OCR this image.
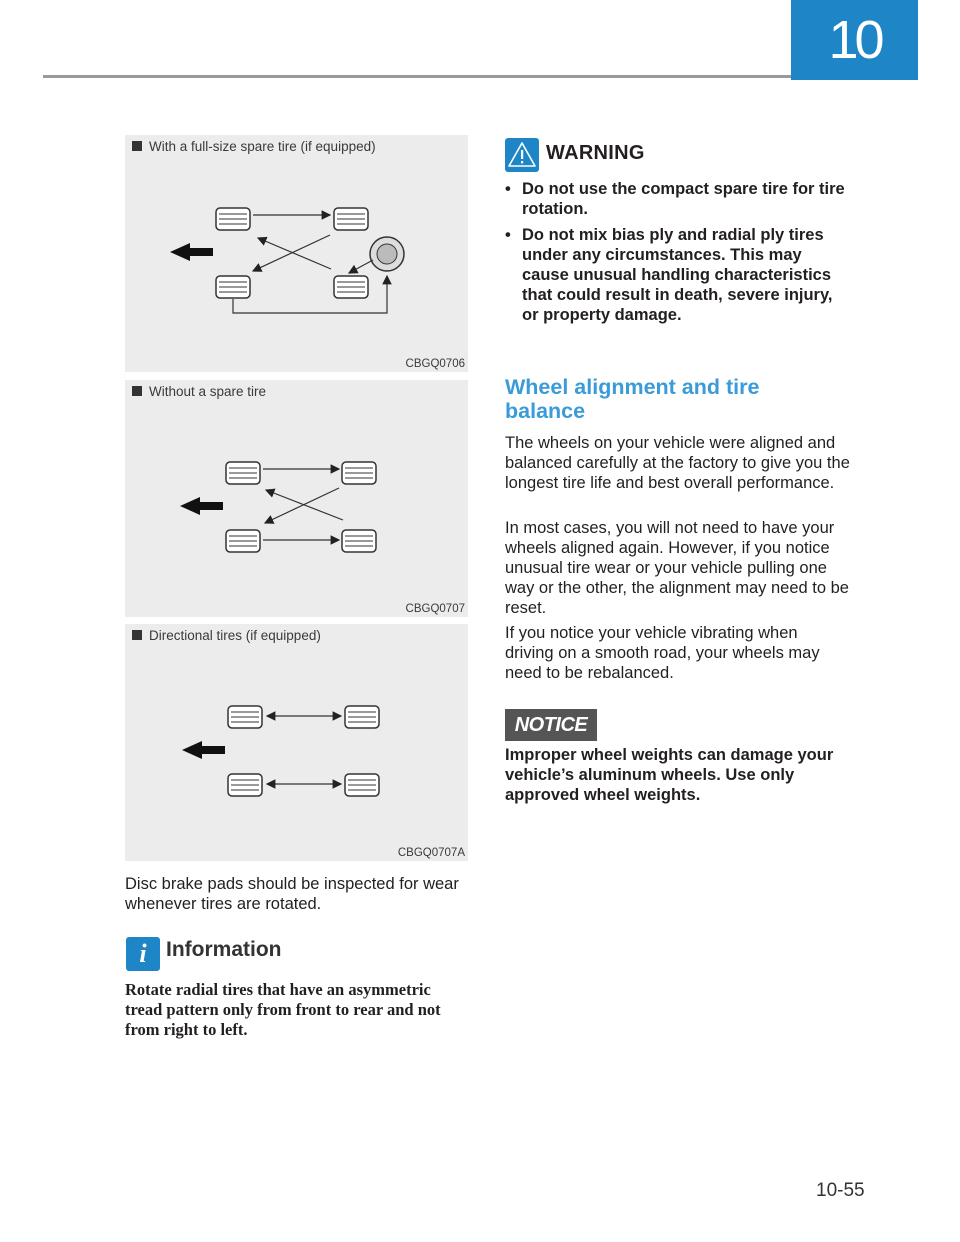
10
With a full-size spare tire (if equipped)
CBGQ0706
Without a spare tire
CBGQ0707
Directional tires (if equipped)
CBGQ0707A
Disc brake pads should be inspected for wear whenever tires are rotated.
i Information
Rotate radial tires that have an asymmetric tread pattern only from front to rear and not from right to left.
WARNING
• Do not use the compact spare tire for tire rotation.
• Do not mix bias ply and radial ply tires under any circumstances. This may cause unusual handling characteristics that could result in death, severe injury, or property damage.
Wheel alignment and tire balance
The wheels on your vehicle were aligned and balanced carefully at the factory to give you the longest tire life and best overall performance.
In most cases, you will not need to have your wheels aligned again. However, if you notice unusual tire wear or your vehicle pulling one way or the other, the alignment may need to be reset.
If you notice your vehicle vibrating when driving on a smooth road, your wheels may need to be rebalanced.
NOTICE
Improper wheel weights can damage your vehicle’s aluminum wheels. Use only approved wheel weights.
10-55
